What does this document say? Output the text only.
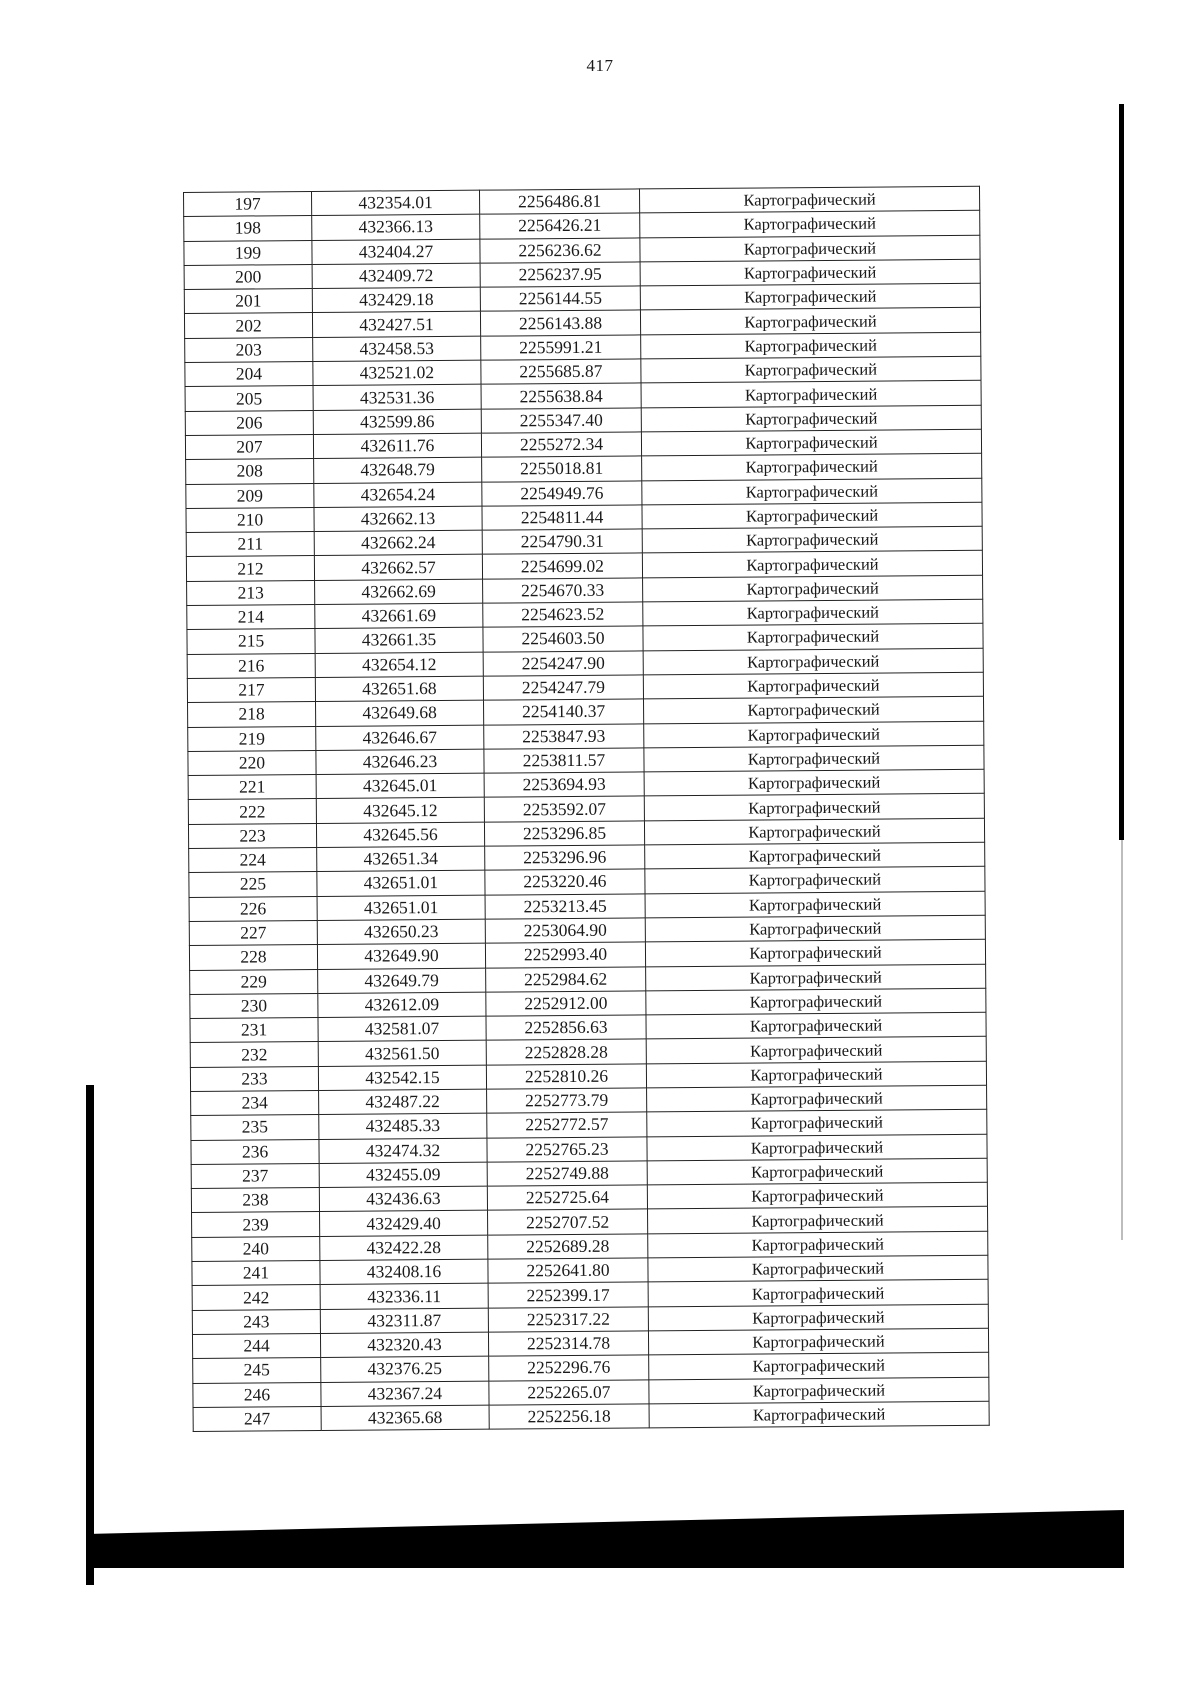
417
197	432354.01	2256486.81	Картографический
198	432366.13	2256426.21	Картографический
199	432404.27	2256236.62	Картографический
200	432409.72	2256237.95	Картографический
201	432429.18	2256144.55	Картографический
202	432427.51	2256143.88	Картографический
203	432458.53	2255991.21	Картографический
204	432521.02	2255685.87	Картографический
205	432531.36	2255638.84	Картографический
206	432599.86	2255347.40	Картографический
207	432611.76	2255272.34	Картографический
208	432648.79	2255018.81	Картографический
209	432654.24	2254949.76	Картографический
210	432662.13	2254811.44	Картографический
211	432662.24	2254790.31	Картографический
212	432662.57	2254699.02	Картографический
213	432662.69	2254670.33	Картографический
214	432661.69	2254623.52	Картографический
215	432661.35	2254603.50	Картографический
216	432654.12	2254247.90	Картографический
217	432651.68	2254247.79	Картографический
218	432649.68	2254140.37	Картографический
219	432646.67	2253847.93	Картографический
220	432646.23	2253811.57	Картографический
221	432645.01	2253694.93	Картографический
222	432645.12	2253592.07	Картографический
223	432645.56	2253296.85	Картографический
224	432651.34	2253296.96	Картографический
225	432651.01	2253220.46	Картографический
226	432651.01	2253213.45	Картографический
227	432650.23	2253064.90	Картографический
228	432649.90	2252993.40	Картографический
229	432649.79	2252984.62	Картографический
230	432612.09	2252912.00	Картографический
231	432581.07	2252856.63	Картографический
232	432561.50	2252828.28	Картографический
233	432542.15	2252810.26	Картографический
234	432487.22	2252773.79	Картографический
235	432485.33	2252772.57	Картографический
236	432474.32	2252765.23	Картографический
237	432455.09	2252749.88	Картографический
238	432436.63	2252725.64	Картографический
239	432429.40	2252707.52	Картографический
240	432422.28	2252689.28	Картографический
241	432408.16	2252641.80	Картографический
242	432336.11	2252399.17	Картографический
243	432311.87	2252317.22	Картографический
244	432320.43	2252314.78	Картографический
245	432376.25	2252296.76	Картографический
246	432367.24	2252265.07	Картографический
247	432365.68	2252256.18	Картографический
